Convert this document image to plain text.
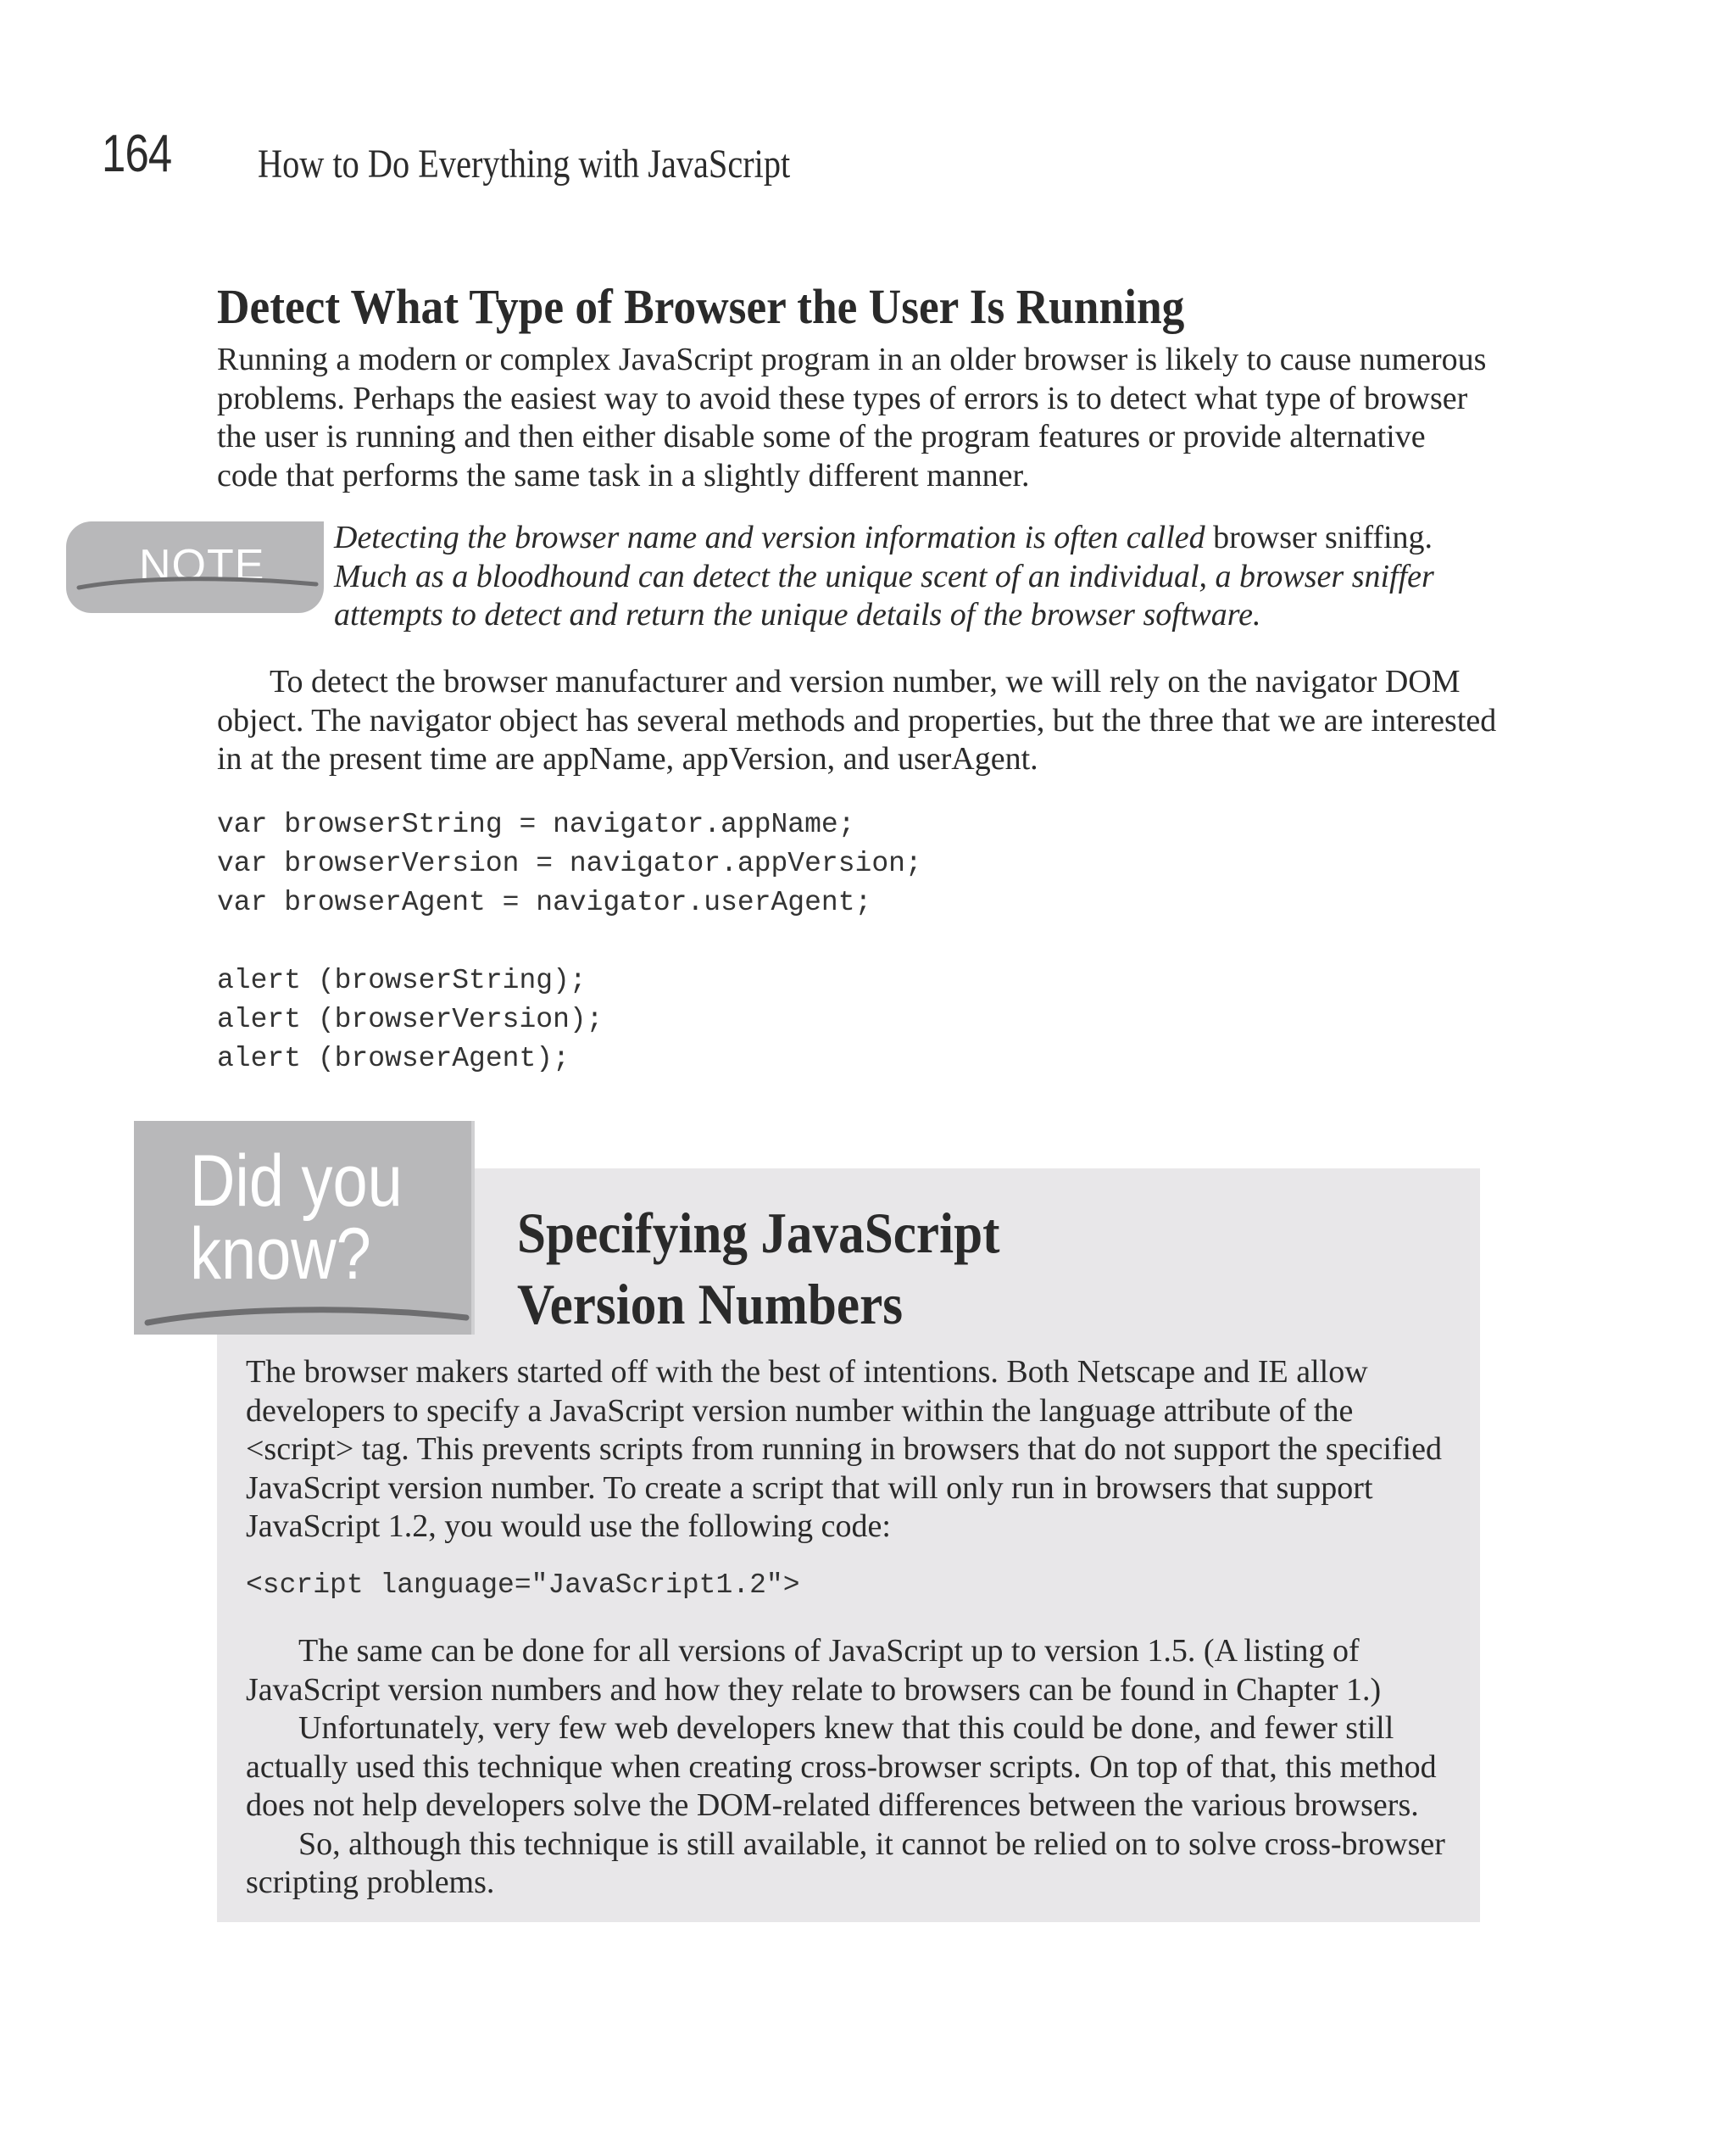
164 How to Do Everything with JavaScript
Detect What Type of Browser the User Is Running
Running a modern or complex JavaScript program in an older browser is likely to cause numerous problems. Perhaps the easiest way to avoid these types of errors is to detect what type of browser the user is running and then either disable some of the program features or provide alternative code that performs the same task in a slightly different manner.
NOTE
Detecting the browser name and version information is often called browser sniffing. Much as a bloodhound can detect the unique scent of an individual, a browser sniffer attempts to detect and return the unique details of the browser software.
To detect the browser manufacturer and version number, we will rely on the navigator DOM object. The navigator object has several methods and properties, but the three that we are interested in at the present time are appName, appVersion, and userAgent.
var browserString = navigator.appName;
var browserVersion = navigator.appVersion;
var browserAgent = navigator.userAgent;

alert (browserString);
alert (browserVersion);
alert (browserAgent);
Did you
know?	Specifying JavaScript
Version Numbers
The browser makers started off with the best of intentions. Both Netscape and IE allow developers to specify a JavaScript version number within the language attribute of the <script> tag. This prevents scripts from running in browsers that do not support the specified JavaScript version number. To create a script that will only run in browsers that support JavaScript 1.2, you would use the following code:
<script language="JavaScript1.2">

The same can be done for all versions of JavaScript up to version 1.5. (A listing of JavaScript version numbers and how they relate to browsers can be found in Chapter 1.)

Unfortunately, very few web developers knew that this could be done, and fewer still actually used this technique when creating cross-browser scripts. On top of that, this method does not help developers solve the DOM-related differences between the various browsers.

So, although this technique is still available, it cannot be relied on to solve cross-browser scripting problems.
